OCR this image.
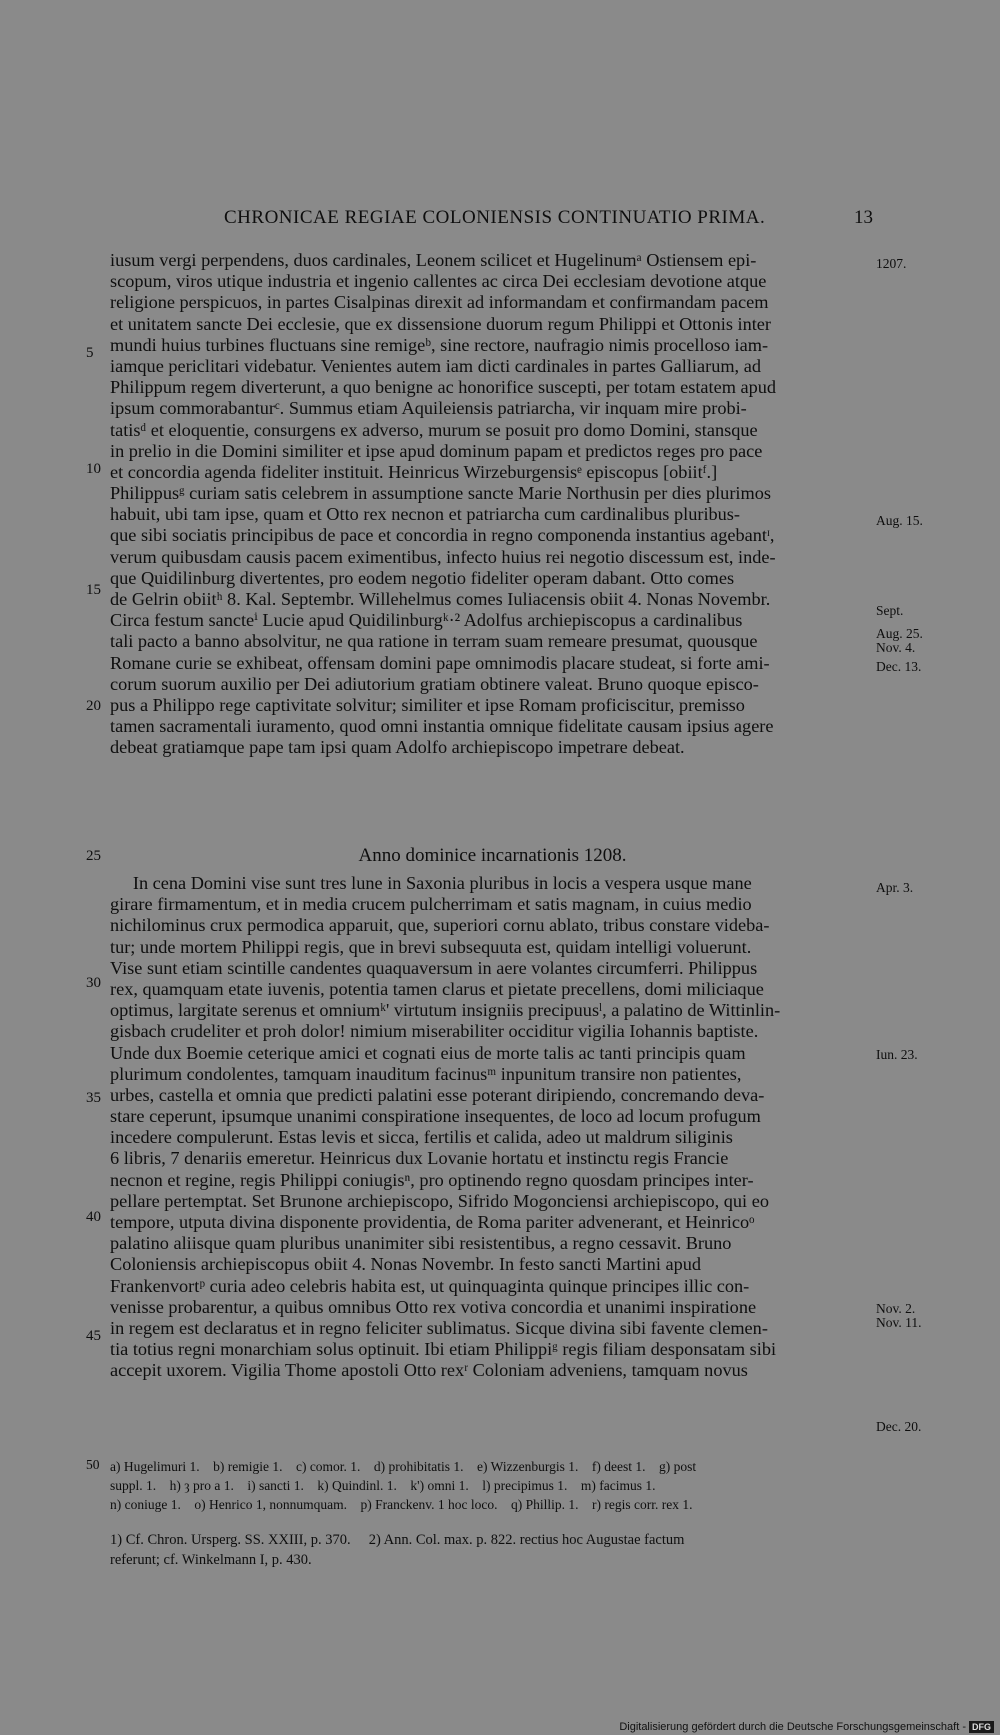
CHRONICAE REGIAE COLONIENSIS CONTINUATIO PRIMA.	13
iusum vergi perpendens, duos cardinales, Leonem scilicet et Hugelinumᵃ Ostiensem epi-
scopum, viros utique industria et ingenio callentes ac circa Dei ecclesiam devotione atque
religione perspicuos, in partes Cisalpinas direxit ad informandam et confirmandam pacem
et unitatem sancte Dei ecclesie, que ex dissensione duorum regum Philippi et Ottonis inter
mundi huius turbines fluctuans sine remigeᵇ, sine rectore, naufragio nimis procelloso iam-
iamque periclitari videbatur. Venientes autem iam dicti cardinales in partes Galliarum, ad
Philippum regem diverterunt, a quo benigne ac honorifice suscepti, per totam estatem apud
ipsum commorabanturᶜ. Summus etiam Aquileiensis patriarcha, vir inquam mire probi-
tatisᵈ et eloquentie, consurgens ex adverso, murum se posuit pro domo Domini, stansque
in prelio in die Domini similiter et ipse apud dominum papam et predictos reges pro pace
et concordia agenda fideliter instituit. Heinricus Wirzeburgensisᵉ episcopus [obiitᶠ.]
Philippusᵍ curiam satis celebrem in assumptione sancte Marie Northusin per dies plurimos
habuit, ubi tam ipse, quam et Otto rex necnon et patriarcha cum cardinalibus pluribus-
que sibi sociatis principibus de pace et concordia in regno componenda instantius agebantᶦ,
verum quibusdam causis pacem eximentibus, infecto huius rei negotio discessum est, inde-
que Quidilinburg divertentes, pro eodem negotio fideliter operam dabant. Otto comes
de Gelrin obiitʰ 8. Kal. Septembr. Willehelmus comes Iuliacensis obiit 4. Nonas Novembr.
Circa festum sancteⁱ Lucie apud Quidilinburgᵏ·² Adolfus archiepiscopus a cardinalibus
tali pacto a banno absolvitur, ne qua ratione in terram suam remeare presumat, quousque
Romane curie se exhibeat, offensam domini pape omnimodis placare studeat, si forte ami-
corum suorum auxilio per Dei adiutorium gratiam obtinere valeat. Bruno quoque episco-
pus a Philippo rege captivitate solvitur; similiter et ipse Romam proficiscitur, premisso
tamen sacramentali iuramento, quod omni instantia omnique fidelitate causam ipsius agere
debeat gratiamque pape tam ipsi quam Adolfo archiepiscopo impetrare debeat.
Anno dominice incarnationis 1208.
In cena Domini vise sunt tres lune in Saxonia pluribus in locis a vespera usque mane
girare firmamentum, et in media crucem pulcherrimam et satis magnam, in cuius medio
nichilominus crux permodica apparuit, que, superiori cornu ablato, tribus constare videba-
tur; unde mortem Philippi regis, que in brevi subsequuta est, quidam intelligi voluerunt.
Vise sunt etiam scintille candentes quaquaversum in aere volantes circumferri. Philippus
rex, quamquam etate iuvenis, potentia tamen clarus et pietate precellens, domi miliciaque
optimus, largitate serenus et omniumᵏ' virtutum insigniis precipuusˡ, a palatino de Wittinlin-
gisbach crudeliter et proh dolor! nimium miserabiliter occiditur vigilia Iohannis baptiste.
Unde dux Boemie ceterique amici et cognati eius de morte talis ac tanti principis quam
plurimum condolentes, tamquam inauditum facinusᵐ inpunitum transire non patientes,
urbes, castella et omnia que predicti palatini esse poterant diripiendo, concremando deva-
stare ceperunt, ipsumque unanimi conspiratione insequentes, de loco ad locum profugum
incedere compulerunt. Estas levis et sicca, fertilis et calida, adeo ut maldrum siliginis
6 libris, 7 denariis emeretur. Heinricus dux Lovanie hortatu et instinctu regis Francie
necnon et regine, regis Philippi coniugisⁿ, pro optinendo regno quosdam principes inter-
pellare pertemptat. Set Brunone archiepiscopo, Sifrido Mogonciensi archiepiscopo, qui eo
tempore, utputa divina disponente providentia, de Roma pariter advenerant, et Heinricoᵒ
palatino aliisque quam pluribus unanimiter sibi resistentibus, a regno cessavit. Bruno
Coloniensis archiepiscopus obiit 4. Nonas Novembr. In festo sancti Martini apud
Frankenvortᵖ curia adeo celebris habita est, ut quinquaginta quinque principes illic con-
venisse probarentur, a quibus omnibus Otto rex votiva concordia et unanimi inspiratione
in regem est declaratus et in regno feliciter sublimatus. Sicque divina sibi favente clemen-
tia totius regni monarchiam solus optinuit. Ibi etiam Philippiᵍ regis filiam desponsatam sibi
accepit uxorem. Vigilia Thome apostoli Otto rexʳ Coloniam adveniens, tamquam novus
5
10
15
20
25
30
35
40
45
50
1207.
Aug. 15.
Sept.
Aug. 25.
Nov. 4.
Dec. 13.
Apr. 3.
Iun. 23.
Nov. 2.
Nov. 11.
Dec. 20.
a) Hugelimuri 1.    b) remigie 1.    c) comor. 1.    d) prohibitatis 1.    e) Wizzenburgis 1.    f) deest 1.    g) post
suppl. 1.    h) ȝ pro a 1.    i) sancti 1.    k) Quindinl. 1.    k') omni 1.    l) precipimus 1.    m) facimus 1.
n) coniuge 1.    o) Henrico 1, nonnumquam.    p) Franckenv. 1 hoc loco.    q) Phillip. 1.    r) regis corr. rex 1.
1) Cf. Chron. Ursperg. SS. XXIII, p. 370.     2) Ann. Col. max. p. 822. rectius hoc Augustae factum
referunt; cf. Winkelmann I, p. 430.
Digitalisierung gefördert durch die Deutsche Forschungsgemeinschaft - DFG
